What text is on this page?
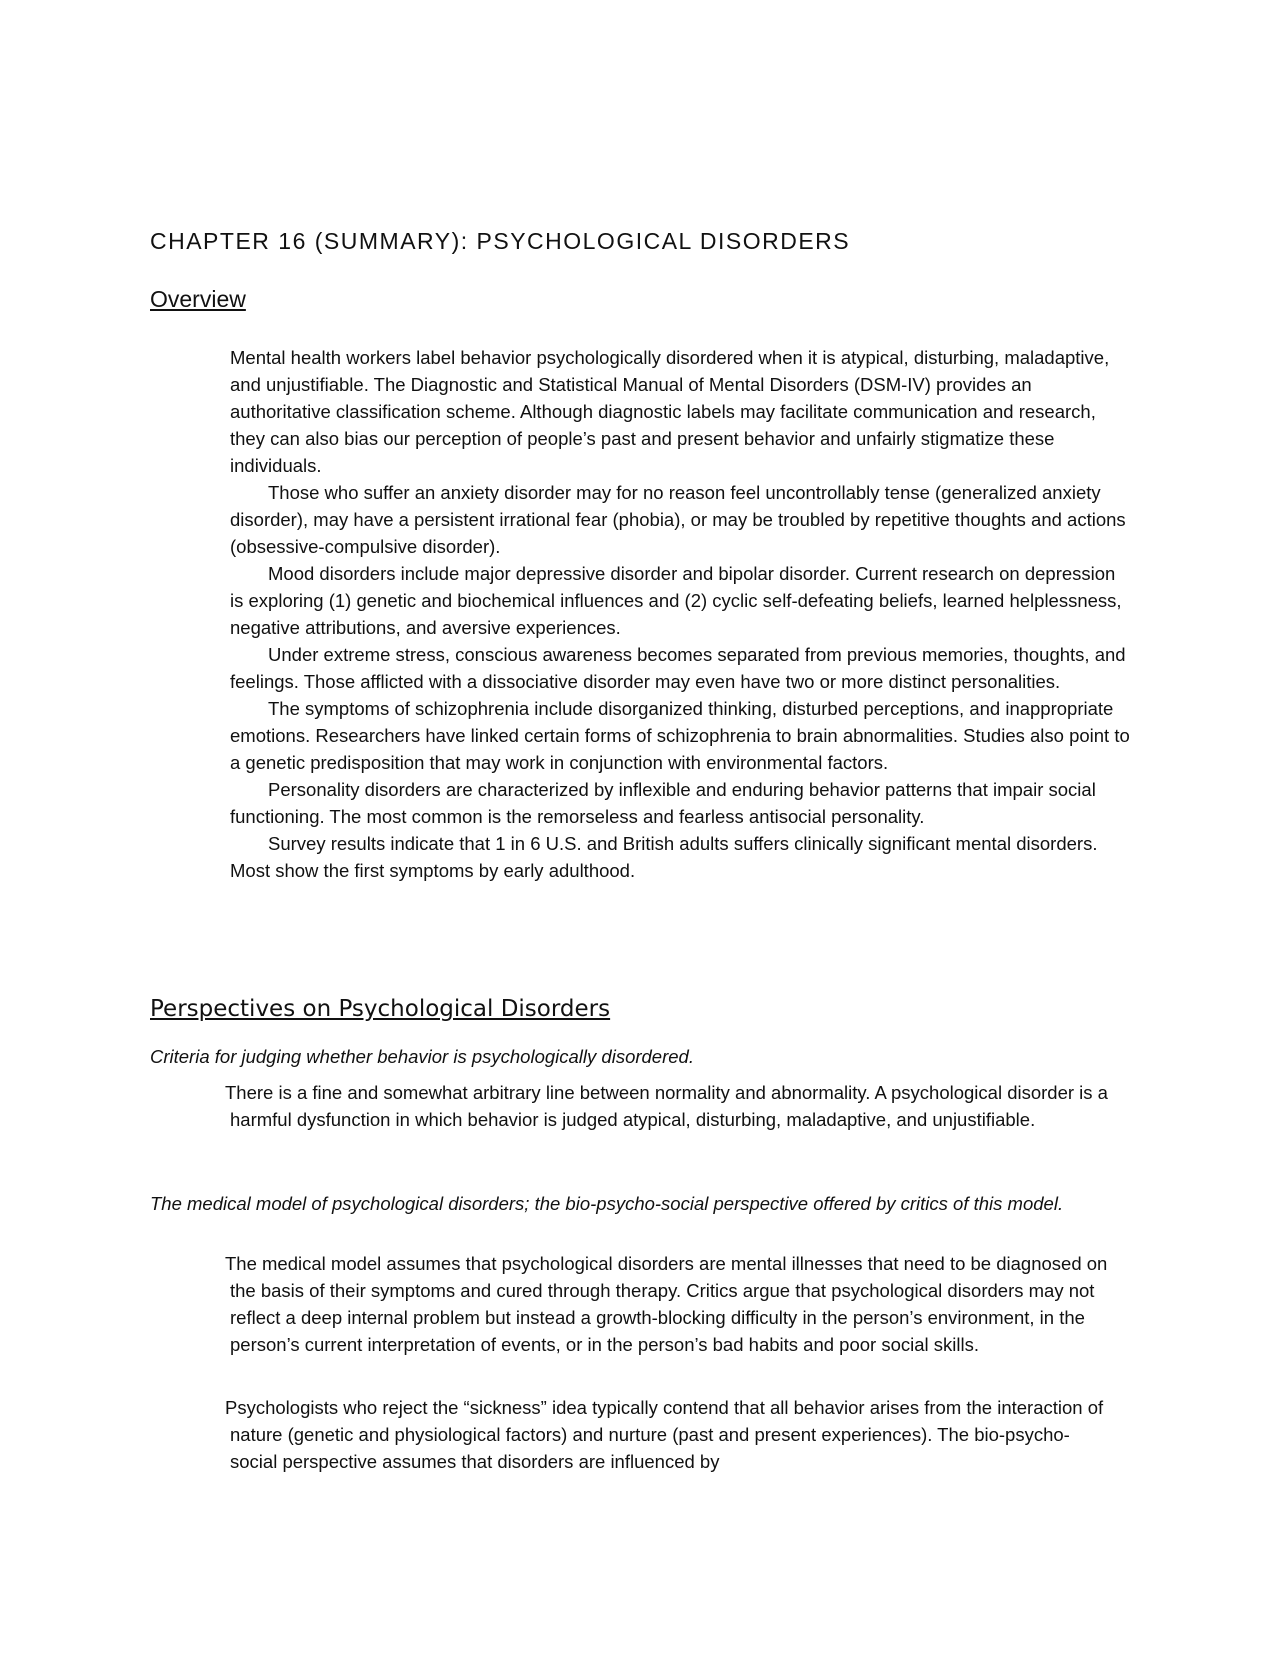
CHAPTER 16 (SUMMARY): PSYCHOLOGICAL DISORDERS
Overview

Mental health workers label behavior psychologically disordered when it is atypical, disturbing, maladaptive, and unjustifiable. The Diagnostic and Statistical Manual of Mental Disorders (DSM-IV) provides an authoritative classification scheme. Although diagnostic labels may facilitate communication and research, they can also bias our perception of people’s past and present behavior and unfairly stigmatize these individuals.

Those who suffer an anxiety disorder may for no reason feel uncontrollably tense (generalized anxiety disorder), may have a persistent irrational fear (phobia), or may be troubled by repetitive thoughts and actions (obsessive-compulsive disorder).

Mood disorders include major depressive disorder and bipolar disorder. Current research on depression is exploring (1) genetic and biochemical influences and (2) cyclic self-defeating beliefs, learned helplessness, negative attributions, and aversive experiences.

Under extreme stress, conscious awareness becomes separated from previous memories, thoughts, and feelings. Those afflicted with a dissociative disorder may even have two or more distinct personalities.

The symptoms of schizophrenia include disorganized thinking, disturbed perceptions, and inappropriate emotions. Researchers have linked certain forms of schizophrenia to brain abnormalities. Studies also point to a genetic predisposition that may work in conjunction with environmental factors.

Personality disorders are characterized by inflexible and enduring behavior patterns that impair social functioning. The most common is the remorseless and fearless antisocial personality.

Survey results indicate that 1 in 6 U.S. and British adults suffers clinically significant mental disorders. Most show the first symptoms by early adulthood.

Perspectives on Psychological Disorders
Criteria for judging whether behavior is psychologically disordered.

There is a fine and somewhat arbitrary line between normality and abnormality. A psychological disorder is a harmful dysfunction in which behavior is judged atypical, disturbing, maladaptive, and unjustifiable.

The medical model of psychological disorders; the bio-psycho-social perspective offered by critics of this model.

The medical model assumes that psychological disorders are mental illnesses that need to be diagnosed on the basis of their symptoms and cured through therapy. Critics argue that psychological disorders may not reflect a deep internal problem but instead a growth-blocking difficulty in the person’s environment, in the person’s current interpretation of events, or in the person’s bad habits and poor social skills.

Psychologists who reject the “sickness” idea typically contend that all behavior arises from the interaction of nature (genetic and physiological factors) and nurture (past and present experiences). The bio-psycho-social perspective assumes that disorders are influenced by
